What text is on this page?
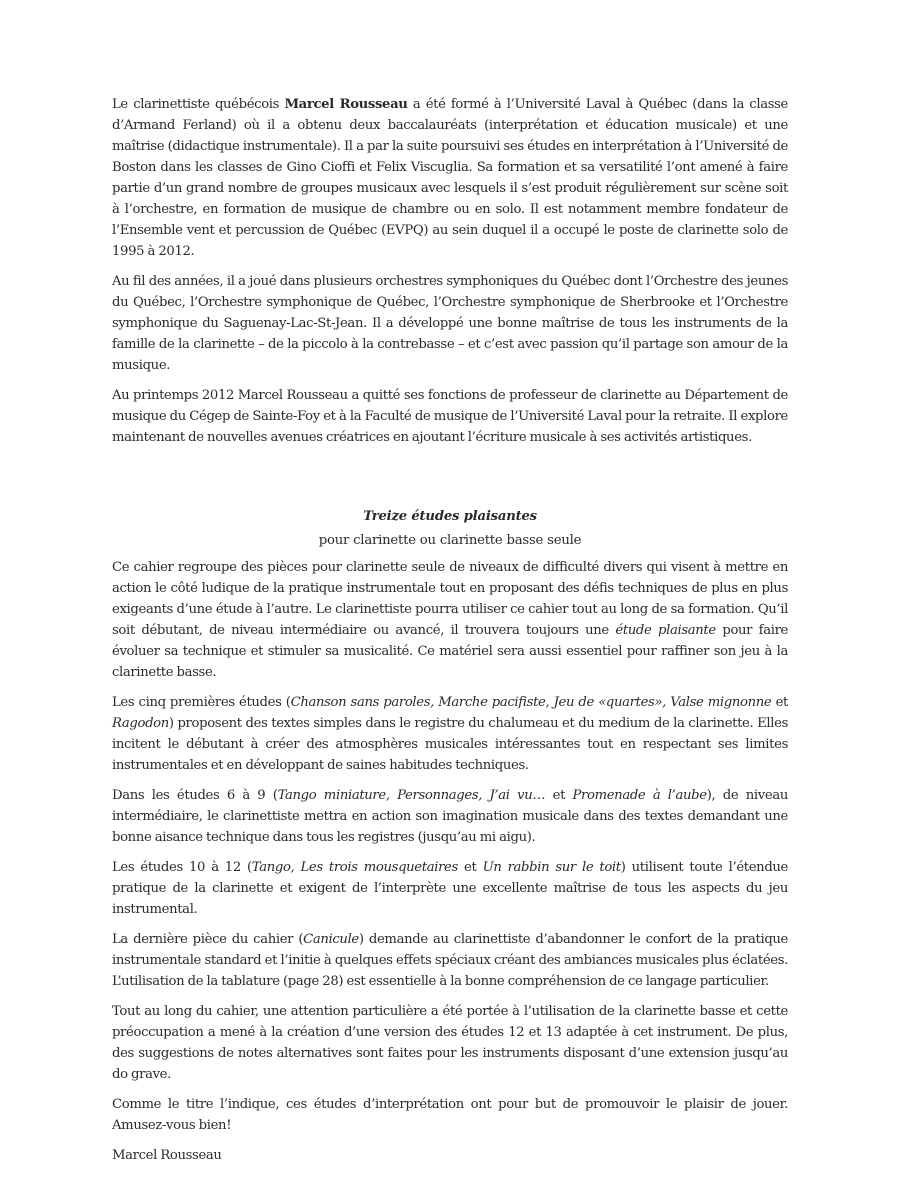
Le clarinettiste québécois Marcel Rousseau a été formé à l’Université Laval à Québec (dans la classe d’Armand Ferland) où il a obtenu deux baccalauréats (interprétation et éducation musicale) et une maîtrise (didactique instrumentale). Il a par la suite poursuivi ses études en interprétation à l’Université de Boston dans les classes de Gino Cioffi et Felix Viscuglia. Sa formation et sa versatilité l’ont amené à faire partie d’un grand nombre de groupes musicaux avec lesquels il s’est produit régulièrement sur scène soit à l’orchestre, en formation de musique de chambre ou en solo. Il est notamment membre fondateur de l’Ensemble vent et percussion de Québec (EVPQ) au sein duquel il a occupé le poste de clarinette solo de 1995 à 2012.

Au fil des années, il a joué dans plusieurs orchestres symphoniques du Québec dont l’Orchestre des jeunes du Québec, l’Orchestre symphonique de Québec, l’Orchestre symphonique de Sherbrooke et l’Orchestre symphonique du Saguenay-Lac-St-Jean. Il a développé une bonne maîtrise de tous les instruments de la famille de la clarinette – de la piccolo à la contrebasse – et c’est avec passion qu’il partage son amour de la musique.

Au printemps 2012 Marcel Rousseau a quitté ses fonctions de professeur de clarinette au Département de musique du Cégep de Sainte-Foy et à la Faculté de musique de l’Université Laval pour la retraite. Il explore maintenant de nouvelles avenues créatrices en ajoutant l’écriture musicale à ses activités artistiques.

Treize études plaisantes
pour clarinette ou clarinette basse seule

Ce cahier regroupe des pièces pour clarinette seule de niveaux de difficulté divers qui visent à mettre en action le côté ludique de la pratique instrumentale tout en proposant des défis techniques de plus en plus exigeants d’une étude à l’autre. Le clarinettiste pourra utiliser ce cahier tout au long de sa formation. Qu’il soit débutant, de niveau intermédiaire ou avancé, il trouvera toujours une étude plaisante pour faire évoluer sa technique et stimuler sa musicalité. Ce matériel sera aussi essentiel pour raffiner son jeu à la clarinette basse.

Les cinq premières études (Chanson sans paroles, Marche pacifiste, Jeu de «quartes», Valse mignonne et Ragodon) proposent des textes simples dans le registre du chalumeau et du medium de la clarinette. Elles incitent le débutant à créer des atmosphères musicales intéressantes tout en respectant ses limites instrumentales et en développant de saines habitudes techniques.

Dans les études 6 à 9 (Tango miniature, Personnages, J’ai vu… et Promenade à l’aube), de niveau intermédiaire, le clarinettiste mettra en action son imagination musicale dans des textes demandant une bonne aisance technique dans tous les registres (jusqu’au mi aigu).

Les études 10 à 12 (Tango, Les trois mousquetaires et Un rabbin sur le toit) utilisent toute l’étendue pratique de la clarinette et exigent de l’interprète une excellente maîtrise de tous les aspects du jeu instrumental.

La dernière pièce du cahier (Canicule) demande au clarinettiste d’abandonner le confort de la pratique instrumentale standard et l’initie à quelques effets spéciaux créant des ambiances musicales plus éclatées. L’utilisation de la tablature (page 28) est essentielle à la bonne compréhension de ce langage particulier.

Tout au long du cahier, une attention particulière a été portée à l’utilisation de la clarinette basse et cette préoccupation a mené à la création d’une version des études 12 et 13 adaptée à cet instrument. De plus, des suggestions de notes alternatives sont faites pour les instruments disposant d’une extension jusqu’au do grave.

Comme le titre l’indique, ces études d’interprétation ont pour but de promouvoir le plaisir de jouer. Amusez-vous bien!

Marcel Rousseau
